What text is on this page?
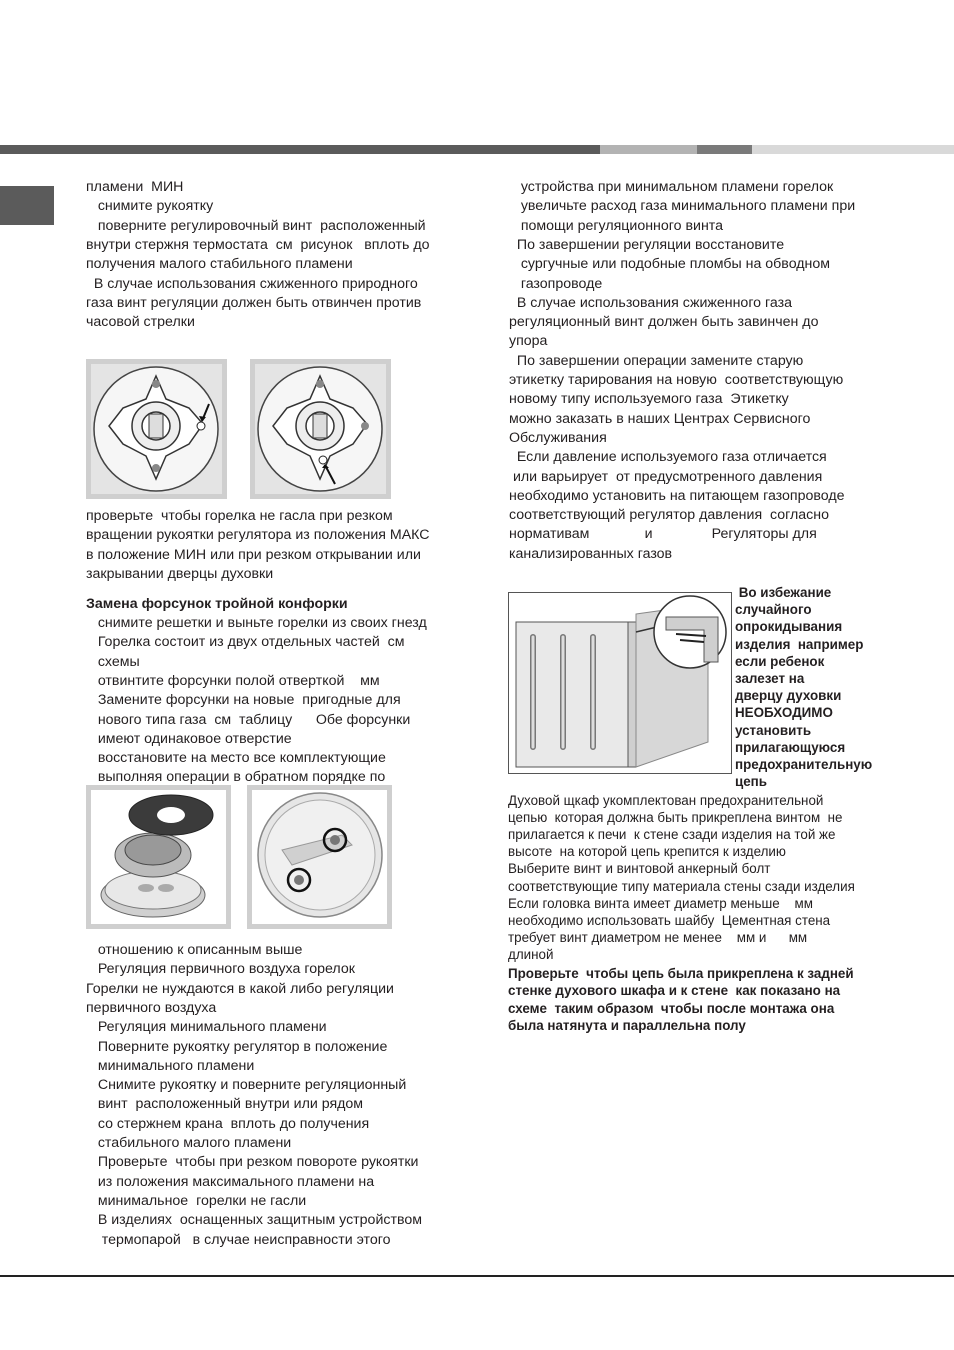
пламени  МИН
снимите рукоятку
поверните регулировочный винт  расположенный
внутри стержня термостата  см  рисунок   вплоть до
получения малого стабильного пламени
В случае использования сжиженного природного
газа винт регуляции должен быть отвинчен против
часовой стрелки
проверьте  чтобы горелка не гасла при резком
вращении рукоятки регулятора из положения МАКС
в положение МИН или при резком открывании или
закрывании дверцы духовки
Замена форсунок тройной конфорки
снимите решетки и выньте горелки из своих гнезд
Горелка состоит из двух отдельных частей  см
схемы
отвинтите форсунки полой отверткой    мм
Замените форсунки на новые  пригодные для
нового типа газа  см  таблицу      Обе форсунки
имеют одинаковое отверстие
восстановите на место все комплектующие
выполняя операции в обратном порядке по
отношению к описанным выше
Регуляция первичного воздуха горелок
Горелки не нуждаются в какой либо регуляции
первичного воздуха
Регуляция минимального пламени
Поверните рукоятку регулятор в положение
минимального пламени
Снимите рукоятку и поверните регуляционный
винт  расположенный внутри или рядом
со стержнем крана  вплоть до получения
стабильного малого пламени
Проверьте  чтобы при резком повороте рукоятки
из положения максимального пламени на
минимальное  горелки не гасли
В изделиях  оснащенных защитным устройством
термопарой   в случае неисправности этого
устройства при минимальном пламени горелок
увеличьте расход газа минимального пламени при
помощи регуляционного винта
По завершении регуляции восстановите
сургучные или подобные пломбы на обводном
газопроводе
В случае использования сжиженного газа
регуляционный винт должен быть завинчен до
упора
По завершении операции замените старую
этикетку тарирования на новую  соответствующую
новому типу используемого газа  Этикетку
можно заказать в наших Центрах Сервисного
Обслуживания
Если давление используемого газа отличается
или варьирует  от предусмотренного давления
необходимо установить на питающем газопроводе
соответствующий регулятор давления  согласно
нормативам              и               Регуляторы для
канализированных газов
Во избежание
случайного
опрокидывания
изделия  например
если ребенок
залезет на
дверцу духовки
НЕОБХОДИМО
установить
прилагающуюся
предохранительную
цепь
Духовой щкаф укомплектован предохранительной
цепью  которая должна быть прикреплена винтом  не
прилагается к печи  к стене сзади изделия на той же
высоте  на которой цепь крепится к изделию
Выберите винт и винтовой анкерный болт
соответствующие типу материала стены сзади изделия
Если головка винта имеет диаметр меньше    мм
необходимо использовать шайбу  Цементная стена
требует винт диаметром не менее    мм и      мм
длиной
Проверьте  чтобы цепь была прикреплена к задней
стенке духового шкафа и к стене  как показано на
схеме  таким образом  чтобы после монтажа она
была натянута и параллельна полу
